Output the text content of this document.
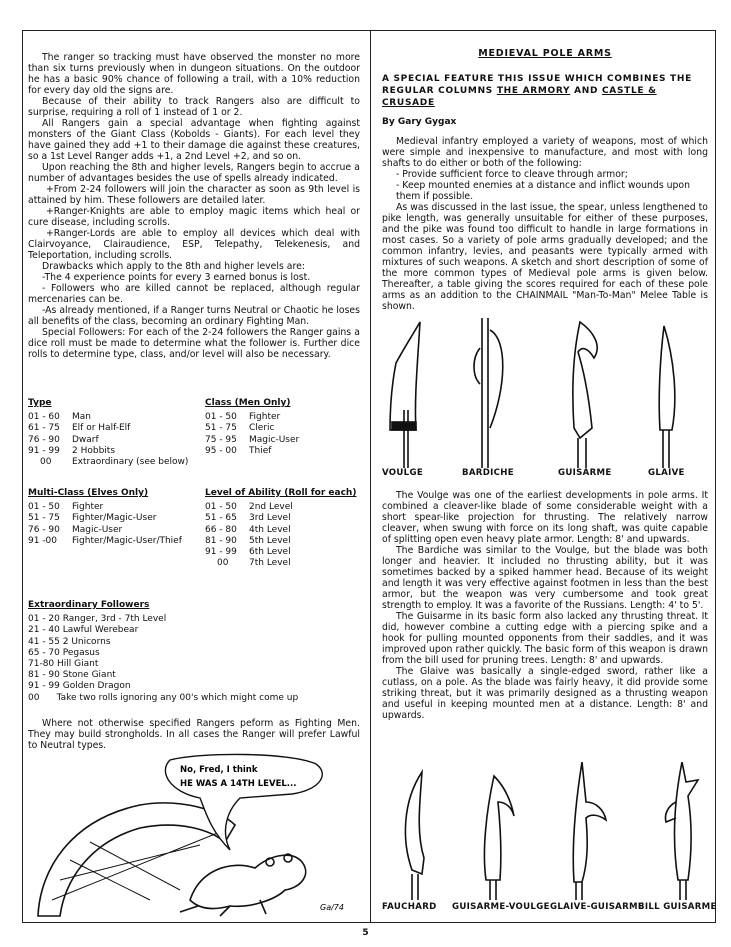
The ranger so tracking must have observed the monster no more than six turns previously when in dungeon situations. On the outdoor he has a basic 90% chance of following a trail, with a 10% reduction for every day old the signs are.

Because of their ability to track Rangers also are difficult to surprise, requiring a roll of 1 instead of 1 or 2.

All Rangers gain a special advantage when fighting against monsters of the Giant Class (Kobolds - Giants). For each level they have gained they add +1 to their damage die against these creatures, so a 1st Level Ranger adds +1, a 2nd Level +2, and so on.

Upon reaching the 8th and higher levels, Rangers begin to accrue a number of advantages besides the use of spells already indicated.

+From 2-24 followers will join the character as soon as 9th level is attained by him. These followers are detailed later.

+Ranger-Knights are able to employ magic items which heal or cure disease, including scrolls.

+Ranger-Lords are able to employ all devices which deal with Clairvoyance, Clairaudience, ESP, Telepathy, Telekenesis, and Teleportation, including scrolls.

Drawbacks which apply to the 8th and higher levels are:

-The 4 experience points for every 3 earned bonus is lost.

- Followers who are killed cannot be replaced, although regular mercenaries can be.

-As already mentioned, if a Ranger turns Neutral or Chaotic he loses all benefits of the class, becoming an ordinary Fighting Man.

Special Followers: For each of the 2-24 followers the Ranger gains a dice roll must be made to determine what the follower is. Further dice rolls to determine type, class, and/or level will also be necessary.

Type
01 - 60 Man
61 - 75 Elf or Half-Elf
76 - 90 Dwarf
91 - 99 2 Hobbits
00 Extraordinary (see below)
Class (Men Only)
01 - 50 Fighter
51 - 75 Cleric
75 - 95 Magic-User
95 - 00 Thief
Multi-Class (Elves Only)
01 - 50 Fighter
51 - 75 Fighter/Magic-User
76 - 90 Magic-User
91 -00 Fighter/Magic-User/Thief
Level of Ability (Roll for each)
01 - 50 2nd Level
51 - 65 3rd Level
66 - 80 4th Level
81 - 90 5th Level
91 - 99 6th Level
00 7th Level
Extraordinary Followers
01 - 20 Ranger, 3rd - 7th Level
21 - 40 Lawful Werebear
41 - 55 2 Unicorns
65 - 70 Pegasus
71-80 Hill Giant
81 - 90 Stone Giant
91 - 99 Golden Dragon
00      Take two rolls ignoring any 00's which might come up

Where not otherwise specified Rangers peform as Fighting Men. They may build strongholds. In all cases the Ranger will prefer Lawful to Neutral types.

No, Fred, I think
HE WAS A 14TH LEVEL...
Ga/74
MEDIEVAL POLE ARMS
A SPECIAL FEATURE THIS ISSUE WHICH COMBINES THE REGULAR COLUMNS THE ARMORY AND CASTLE & CRUSADE
By Gary Gygax

Medieval infantry employed a variety of weapons, most of which were simple and inexpensive to manufacture, and most with long shafts to do either or both of the following:

- Provide sufficient force to cleave through armor;
- Keep mounted enemies at a distance and inflict wounds upon them if possible.

As was discussed in the last issue, the spear, unless lengthened to pike length, was generally unsuitable for either of these purposes, and the pike was found too difficult to handle in large formations in most cases. So a variety of pole arms gradually developed; and the common infantry, levies, and peasants were typically armed with mixtures of such weapons. A sketch and short description of some of the more common types of Medieval pole arms is given below. Thereafter, a table giving the scores required for each of these pole arms as an addition to the CHAINMAIL "Man-To-Man" Melee Table is shown.

VOULGE	BARDICHE	GUISARME	GLAIVE

The Voulge was one of the earliest developments in pole arms. It combined a cleaver-like blade of some considerable weight with a short spear-like projection for thrusting. The relatively narrow cleaver, when swung with force on its long shaft, was quite capable of splitting open even heavy plate armor. Length: 8' and upwards.

The Bardiche was similar to the Voulge, but the blade was both longer and heavier. It included no thrusting ability, but it was sometimes backed by a spiked hammer head. Because of its weight and length it was very effective against footmen in less than the best armor, but the weapon was very cumbersome and took great strength to employ. It was a favorite of the Russians. Length: 4' to 5'.

The Guisarme in its basic form also lacked any thrusting threat. It did, however combine a cutting edge with a piercing spike and a hook for pulling mounted opponents from their saddles, and it was improved upon rather quickly. The basic form of this weapon is drawn from the bill used for pruning trees. Length: 8' and upwards.

The Glaive was basically a single-edged sword, rather like a cutlass, on a pole. As the blade was fairly heavy, it did provide some striking threat, but it was primarily designed as a thrusting weapon and useful in keeping mounted men at a distance. Length: 8' and upwards.

FAUCHARD GUISARME-VOULGE GLAIVE-GUISARME
BILL GUISARME
5
